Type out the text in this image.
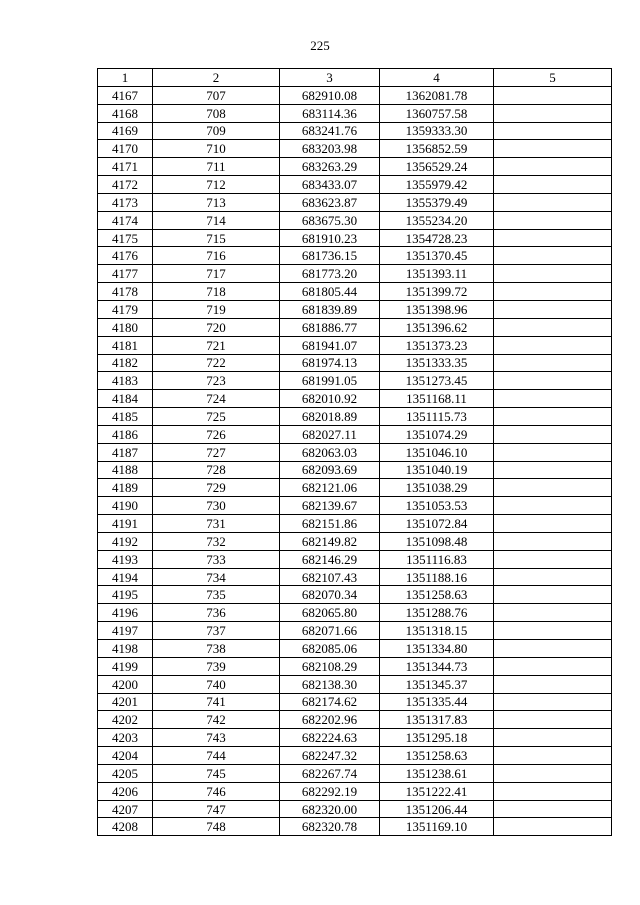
225
1	2	3	4	5
4167	707	682910.08	1362081.78	
4168	708	683114.36	1360757.58	
4169	709	683241.76	1359333.30	
4170	710	683203.98	1356852.59	
4171	711	683263.29	1356529.24	
4172	712	683433.07	1355979.42	
4173	713	683623.87	1355379.49	
4174	714	683675.30	1355234.20	
4175	715	681910.23	1354728.23	
4176	716	681736.15	1351370.45	
4177	717	681773.20	1351393.11	
4178	718	681805.44	1351399.72	
4179	719	681839.89	1351398.96	
4180	720	681886.77	1351396.62	
4181	721	681941.07	1351373.23	
4182	722	681974.13	1351333.35	
4183	723	681991.05	1351273.45	
4184	724	682010.92	1351168.11	
4185	725	682018.89	1351115.73	
4186	726	682027.11	1351074.29	
4187	727	682063.03	1351046.10	
4188	728	682093.69	1351040.19	
4189	729	682121.06	1351038.29	
4190	730	682139.67	1351053.53	
4191	731	682151.86	1351072.84	
4192	732	682149.82	1351098.48	
4193	733	682146.29	1351116.83	
4194	734	682107.43	1351188.16	
4195	735	682070.34	1351258.63	
4196	736	682065.80	1351288.76	
4197	737	682071.66	1351318.15	
4198	738	682085.06	1351334.80	
4199	739	682108.29	1351344.73	
4200	740	682138.30	1351345.37	
4201	741	682174.62	1351335.44	
4202	742	682202.96	1351317.83	
4203	743	682224.63	1351295.18	
4204	744	682247.32	1351258.63	
4205	745	682267.74	1351238.61	
4206	746	682292.19	1351222.41	
4207	747	682320.00	1351206.44	
4208	748	682320.78	1351169.10	
